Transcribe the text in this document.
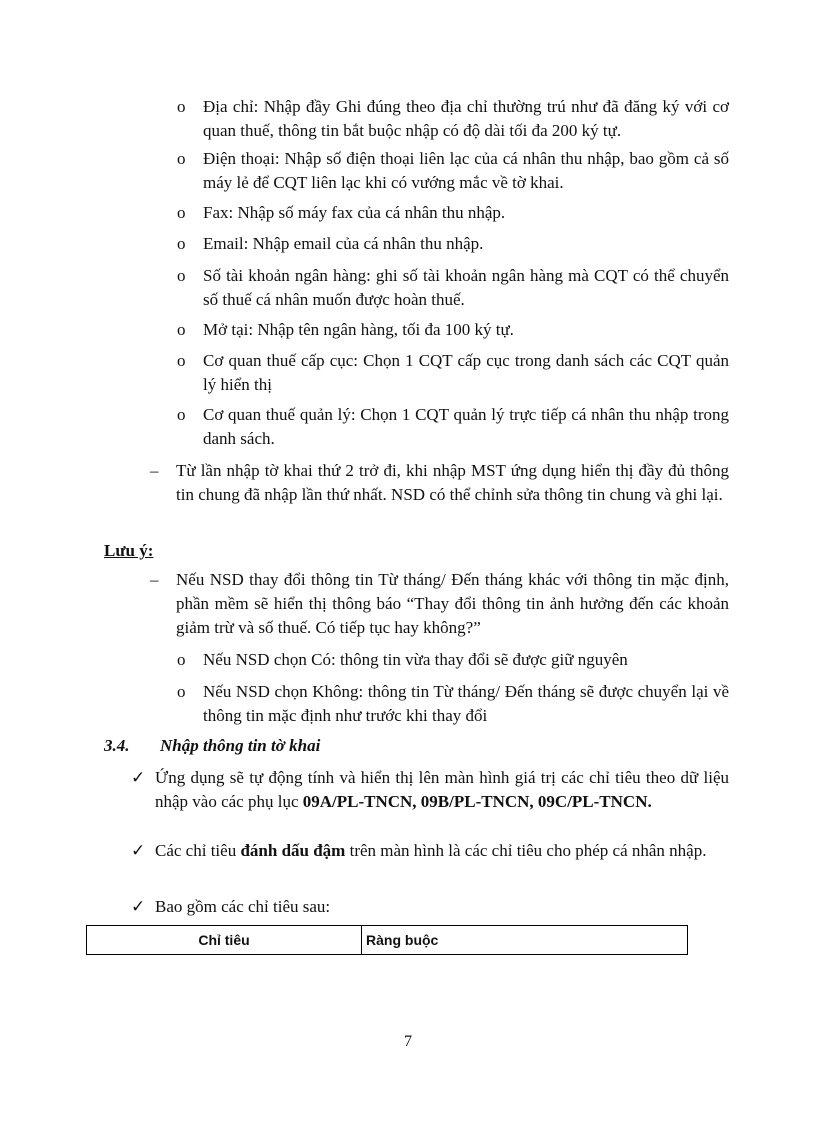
o Địa chỉ: Nhập đầy Ghi đúng theo địa chỉ thường trú như đã đăng ký với cơ quan thuế, thông tin bắt buộc nhập có độ dài tối đa 200 ký tự.
o Điện thoại: Nhập số điện thoại liên lạc của cá nhân thu nhập, bao gồm cả số máy lẻ để CQT liên lạc khi có vướng mắc về tờ khai.
o Fax: Nhập số máy fax của cá nhân thu nhập.
o Email: Nhập email của cá nhân thu nhập.
o Số tài khoản ngân hàng: ghi số tài khoản ngân hàng mà CQT có thể chuyển số thuế cá nhân muốn được hoàn thuế.
o Mở tại: Nhập tên ngân hàng, tối đa 100 ký tự.
o Cơ quan thuế cấp cục: Chọn 1 CQT cấp cục trong danh sách các CQT quản lý hiển thị
o Cơ quan thuế quản lý: Chọn 1 CQT quản lý trực tiếp cá nhân thu nhập trong danh sách.
– Từ lần nhập tờ khai thứ 2 trở đi, khi nhập MST ứng dụng hiển thị đầy đủ thông tin chung đã nhập lần thứ nhất. NSD có thể chỉnh sửa thông tin chung và ghi lại.
Lưu ý:
– Nếu NSD thay đổi thông tin Từ tháng/ Đến tháng khác với thông tin mặc định, phần mềm sẽ hiển thị thông báo “Thay đổi thông tin ảnh hưởng đến các khoản giảm trừ và số thuế. Có tiếp tục hay không?”
o Nếu NSD chọn Có: thông tin vừa thay đổi sẽ được giữ nguyên
o Nếu NSD chọn Không: thông tin Từ tháng/ Đến tháng sẽ được chuyển lại về thông tin mặc định như trước khi thay đổi
3.4. Nhập thông tin tờ khai
✓ Ứng dụng sẽ tự động tính và hiển thị lên màn hình giá trị các chỉ tiêu theo dữ liệu nhập vào các phụ lục 09A/PL-TNCN, 09B/PL-TNCN, 09C/PL-TNCN.
✓ Các chỉ tiêu đánh dấu đậm trên màn hình là các chỉ tiêu cho phép cá nhân nhập.
✓ Bao gồm các chỉ tiêu sau:
Chỉ tiêu	Ràng buộc
7
